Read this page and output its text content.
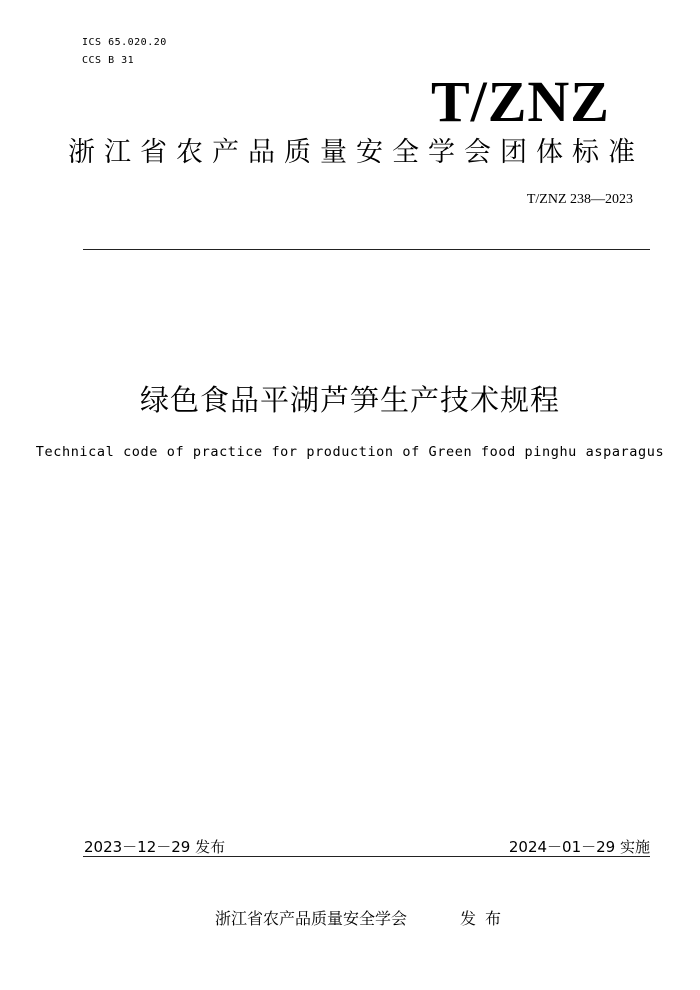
ICS 65.020.20
CCS B 31
T/ZNZ
浙江省农产品质量安全学会团体标准
T/ZNZ 238—2023
绿色食品平湖芦笋生产技术规程
Technical code of practice for production of Green food pinghu asparagus
2023－12－29 发布	2024－01－29 实施
浙江省农产品质量安全学会	发布
